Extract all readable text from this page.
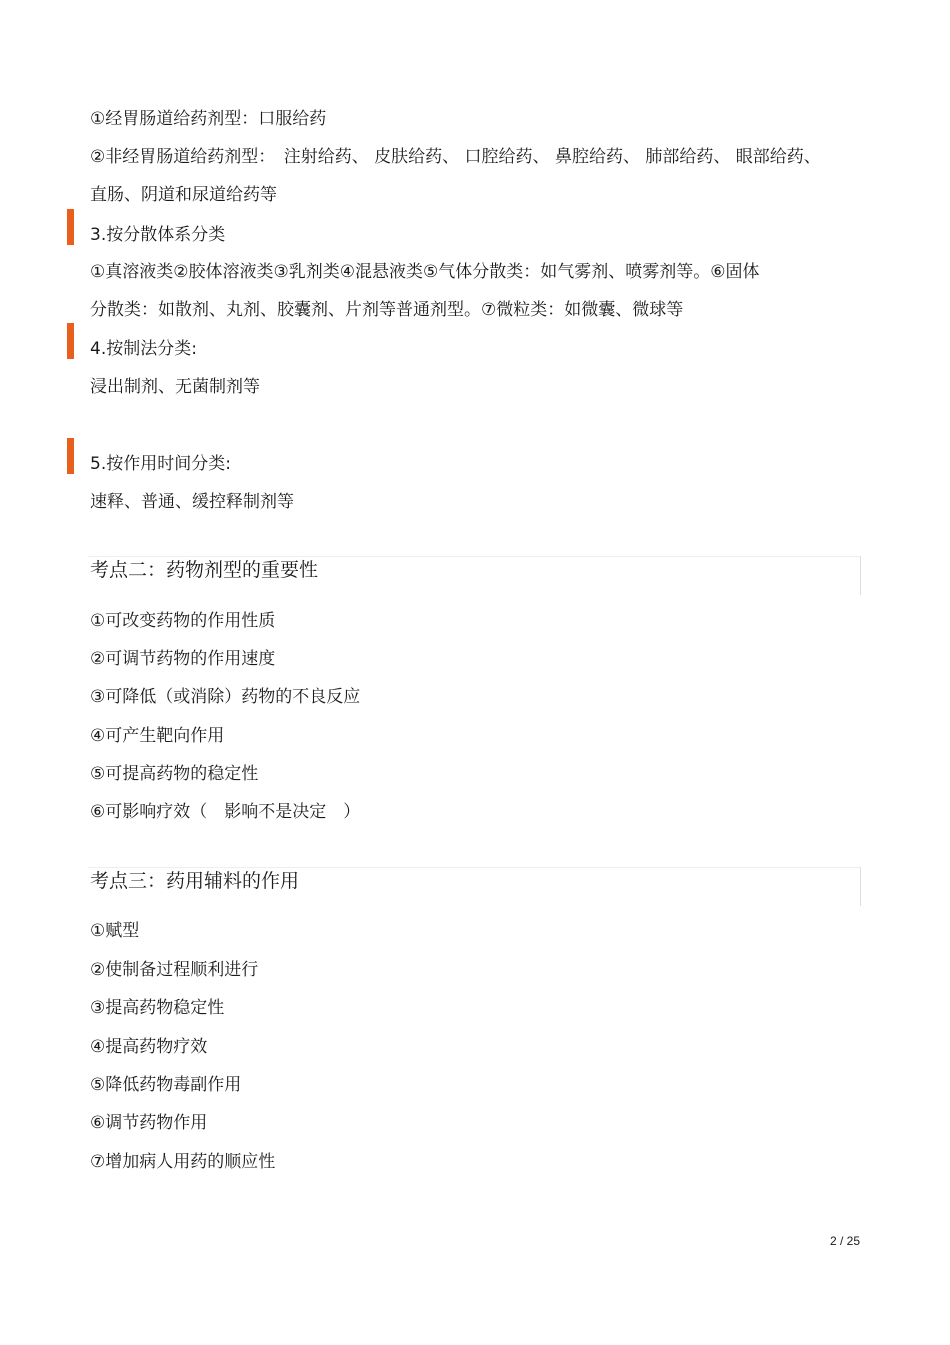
①经胃肠道给药剂型：口服给药
②非经胃肠道给药剂型：　注射给药、 皮肤给药、 口腔给药、 鼻腔给药、 肺部给药、 眼部给药、
直肠、阴道和尿道给药等
3.按分散体系分类
①真溶液类②胶体溶液类③乳剂类④混悬液类⑤气体分散类：如气雾剂、喷雾剂等。⑥固体
分散类：如散剂、丸剂、胶囊剂、片剂等普通剂型。⑦微粒类：如微囊、微球等
4.按制法分类:
浸出制剂、无菌制剂等
5.按作用时间分类:
速释、普通、缓控释制剂等
考点二：药物剂型的重要性
①可改变药物的作用性质
②可调节药物的作用速度
③可降低（或消除）药物的不良反应
④可产生靶向作用
⑤可提高药物的稳定性
⑥可影响疗效（　影响不是决定　）
考点三：药用辅料的作用
①赋型
②使制备过程顺利进行
③提高药物稳定性
④提高药物疗效
⑤降低药物毒副作用
⑥调节药物作用
⑦增加病人用药的顺应性
2 / 25
